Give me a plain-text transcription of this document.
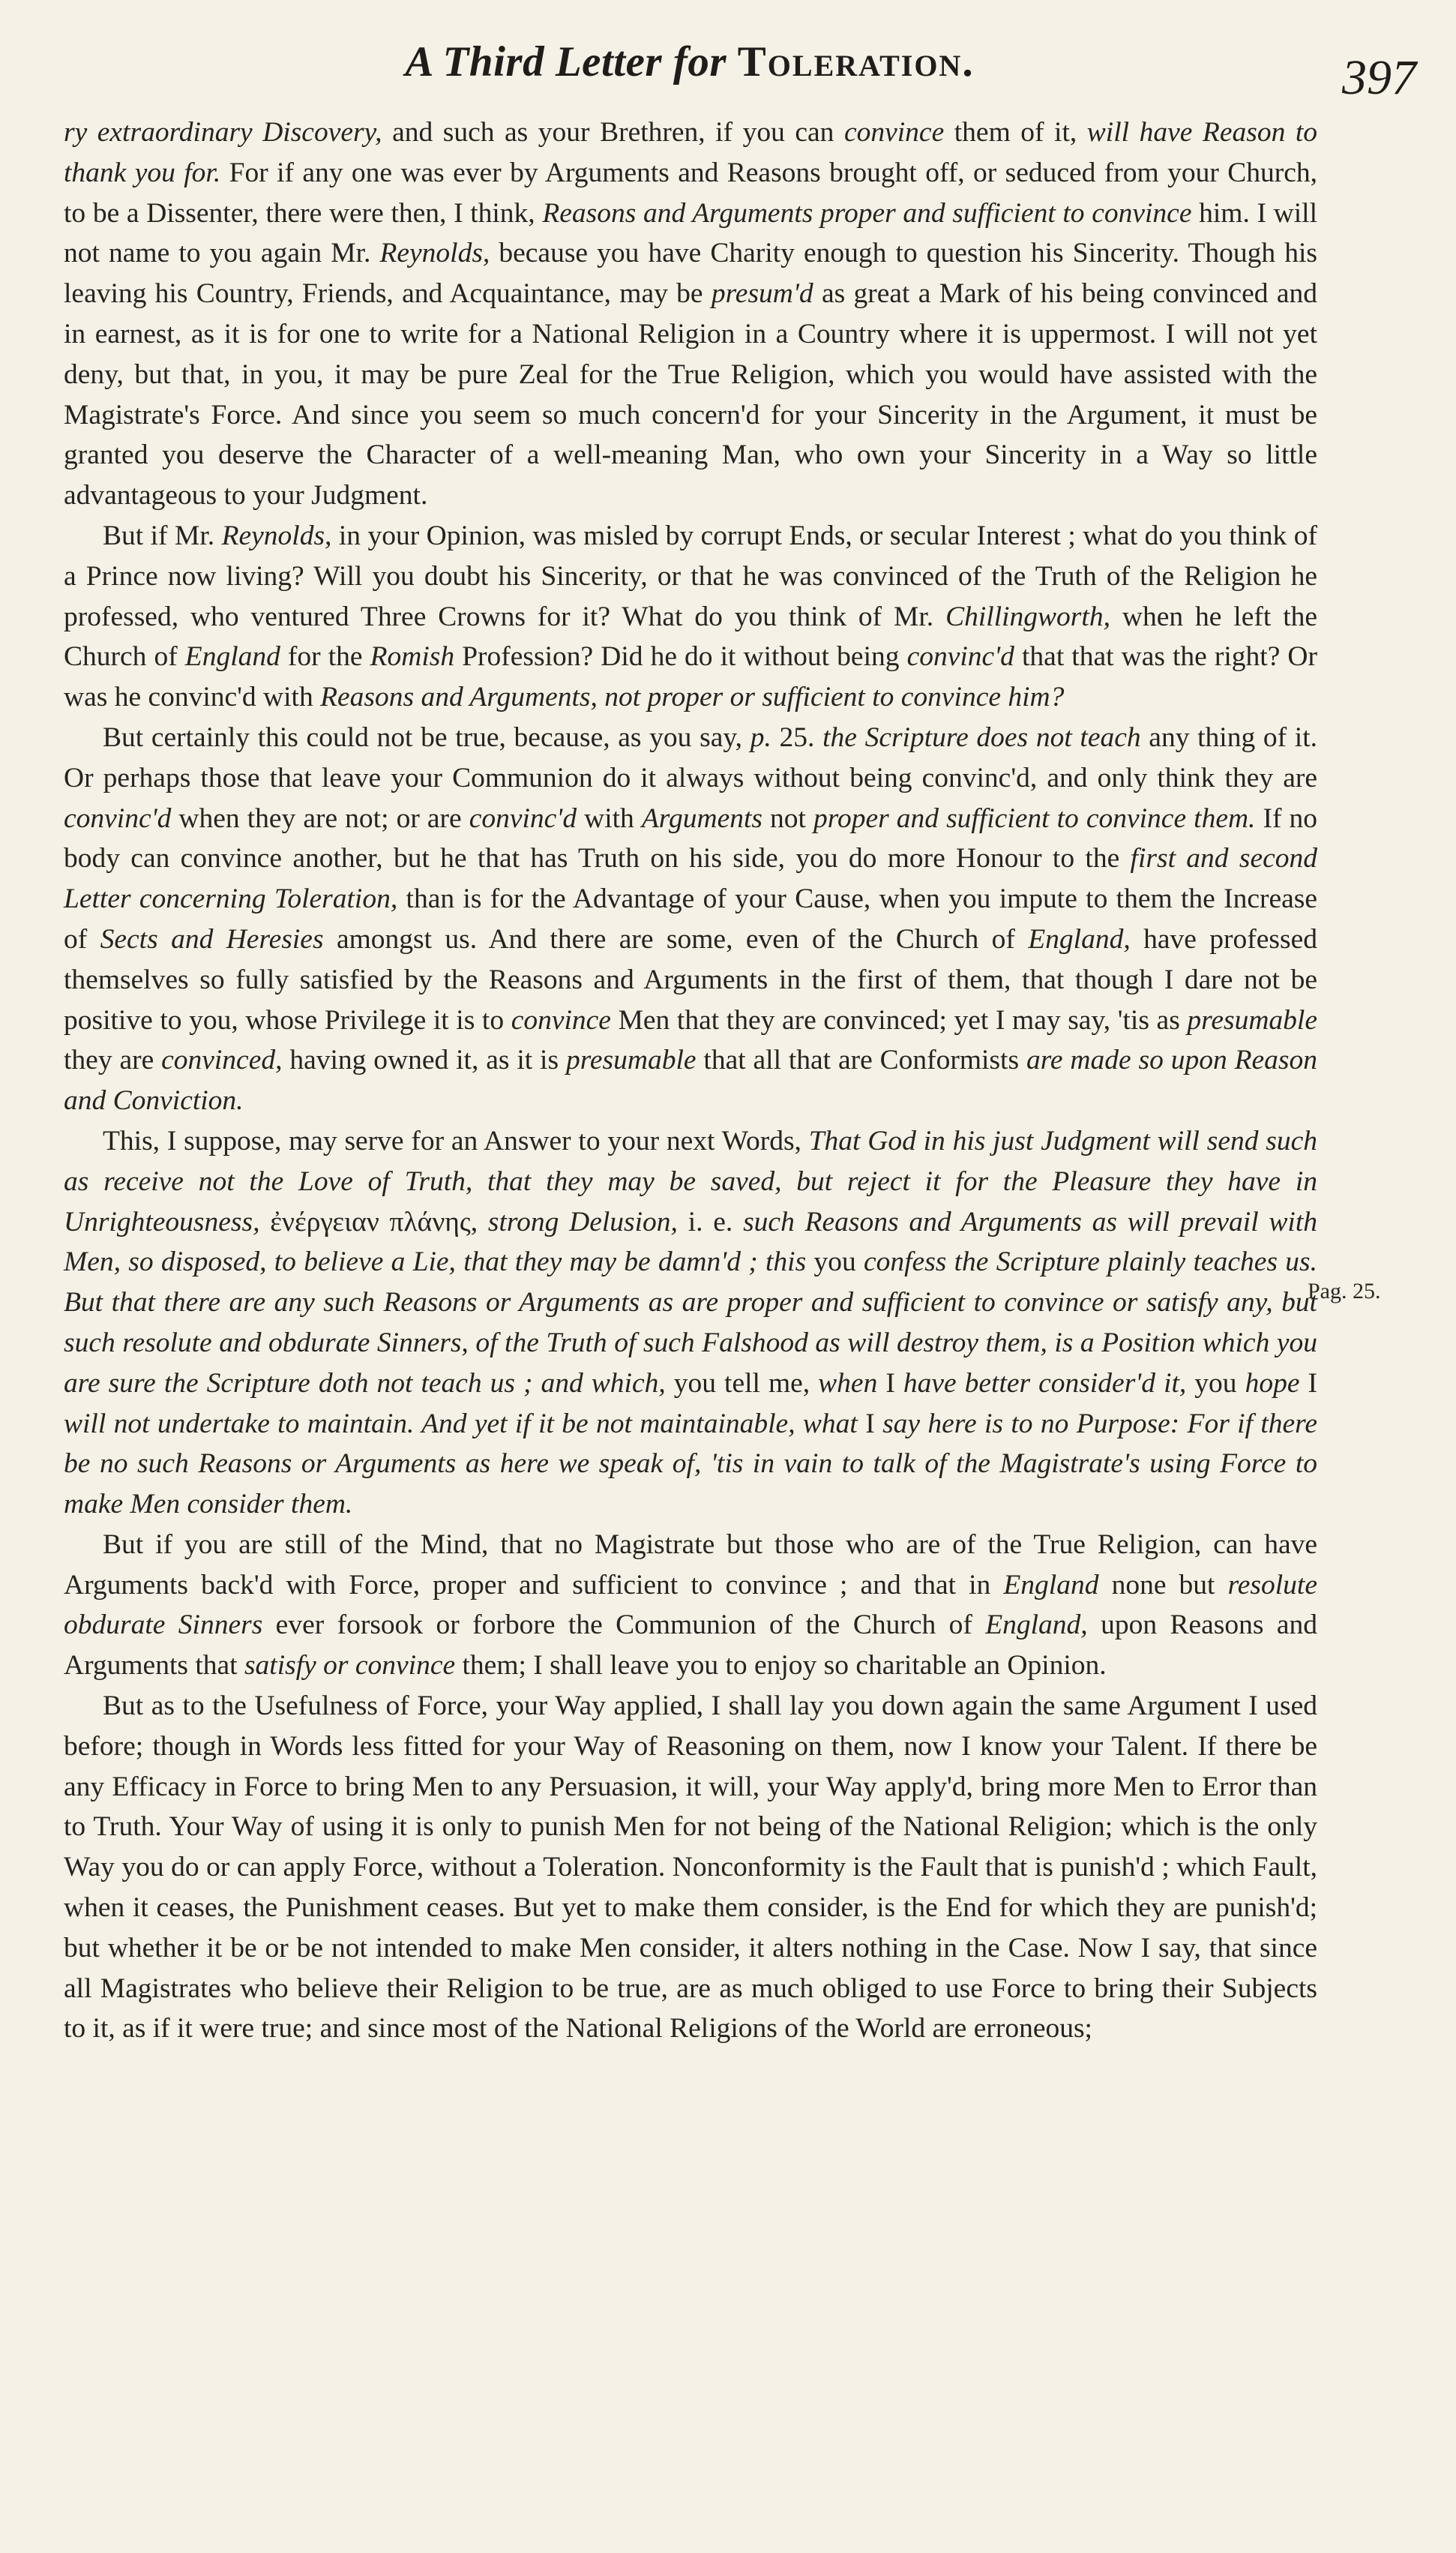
A Third Letter for Toleration.	397

ry extraordinary Discovery, and such as your Brethren, if you can convince them of it, will have Reason to thank you for. For if any one was ever by Arguments and Reasons brought off, or seduced from your Church, to be a Dissenter, there were then, I think, Reasons and Arguments proper and sufficient to convince him. I will not name to you again Mr. Reynolds, because you have Charity enough to question his Sincerity. Though his leaving his Country, Friends, and Acquaintance, may be presum'd as great a Mark of his being convinced and in earnest, as it is for one to write for a National Religion in a Country where it is uppermost. I will not yet deny, but that, in you, it may be pure Zeal for the True Religion, which you would have assisted with the Magistrate's Force. And since you seem so much concern'd for your Sincerity in the Argument, it must be granted you deserve the Character of a well-meaning Man, who own your Sincerity in a Way so little advantageous to your Judgment.

But if Mr. Reynolds, in your Opinion, was misled by corrupt Ends, or secular Interest ; what do you think of a Prince now living? Will you doubt his Sincerity, or that he was convinced of the Truth of the Religion he professed, who ventured Three Crowns for it? What do you think of Mr. Chillingworth, when he left the Church of England for the Romish Profession? Did he do it without being convinc'd that that was the right? Or was he convinc'd with Reasons and Arguments, not proper or sufficient to convince him?

But certainly this could not be true, because, as you say, p. 25. the Scripture does not teach any thing of it. Or perhaps those that leave your Communion do it always without being convinc'd, and only think they are convinc'd when they are not; or are convinc'd with Arguments not proper and sufficient to convince them. If no body can convince another, but he that has Truth on his side, you do more Honour to the first and second Letter concerning Toleration, than is for the Advantage of your Cause, when you impute to them the Increase of Sects and Heresies amongst us. And there are some, even of the Church of England, have professed themselves so fully satisfied by the Reasons and Arguments in the first of them, that though I dare not be positive to you, whose Privilege it is to convince Men that they are convinced; yet I may say, 'tis as presumable they are convinced, having owned it, as it is presumable that all that are Conformists are made so upon Reason and Conviction.

This, I suppose, may serve for an Answer to your next Words, That God in his just Judgment will send such as receive not the Love of Truth, that they may be saved, but reject it for the Pleasure they have in Unrighteousness, ἐνέργειαν πλάνης, strong Delusion, i. e. such Reasons and Arguments as will prevail with Men, so disposed, to believe a Lie, that they may be damn'd ; this you confess the Scripture plainly teaches us. But that there are any such Reasons or Arguments as are proper and sufficient to convince or satisfy any, but such resolute and obdurate Sinners, of the Truth of such Falshood as will destroy them, is a Position which you are sure the Scripture doth not teach us ; and which, you tell me, when I have better consider'd it, you hope I will not undertake to maintain. And yet if it be not maintainable, what I say here is to no Purpose: For if there be no such Reasons or Arguments as here we speak of, 'tis in vain to talk of the Magistrate's using Force to make Men consider them.

But if you are still of the Mind, that no Magistrate but those who are of the True Religion, can have Arguments back'd with Force, proper and sufficient to convince ; and that in England none but resolute obdurate Sinners ever forsook or forbore the Communion of the Church of England, upon Reasons and Arguments that satisfy or convince them; I shall leave you to enjoy so charitable an Opinion.

But as to the Usefulness of Force, your Way applied, I shall lay you down again the same Argument I used before; though in Words less fitted for your Way of Reasoning on them, now I know your Talent. If there be any Efficacy in Force to bring Men to any Persuasion, it will, your Way apply'd, bring more Men to Error than to Truth. Your Way of using it is only to punish Men for not being of the National Religion; which is the only Way you do or can apply Force, without a Toleration. Nonconformity is the Fault that is punish'd ; which Fault, when it ceases, the Punishment ceases. But yet to make them consider, is the End for which they are punish'd; but whether it be or be not intended to make Men consider, it alters nothing in the Case. Now I say, that since all Magistrates who believe their Religion to be true, are as much obliged to use Force to bring their Subjects to it, as if it were true; and since most of the National Religions of the World are erroneous;

Pag. 25.
